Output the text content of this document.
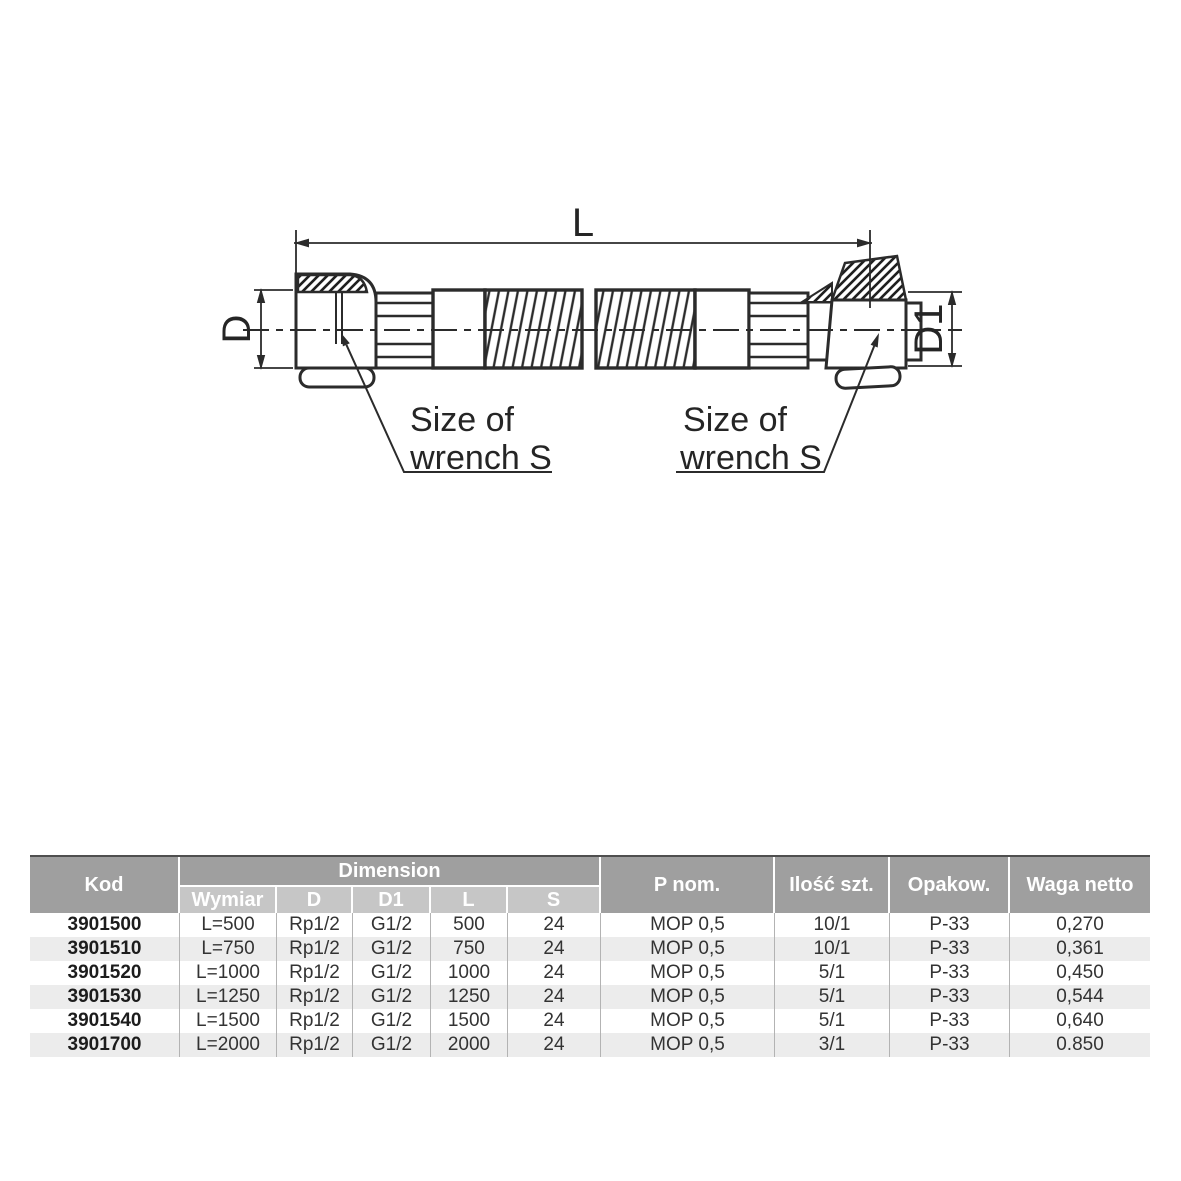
L
D	D1
Size of
wrench S
Size of
wrench S
Kod
Dimension
Wymiar	D	D1	L	S
P nom.	Ilość szt.	Opakow.	Waga netto
3901500	L=500	Rp1/2	G1/2	500	24	MOP 0,5	10/1	P-33	0,270
3901510	L=750	Rp1/2	G1/2	750	24	MOP 0,5	10/1	P-33	0,361
3901520	L=1000	Rp1/2	G1/2	1000	24	MOP 0,5	5/1	P-33	0,450
3901530	L=1250	Rp1/2	G1/2	1250	24	MOP 0,5	5/1	P-33	0,544
3901540	L=1500	Rp1/2	G1/2	1500	24	MOP 0,5	5/1	P-33	0,640
3901700	L=2000	Rp1/2	G1/2	2000	24	MOP 0,5	3/1	P-33	0.850
